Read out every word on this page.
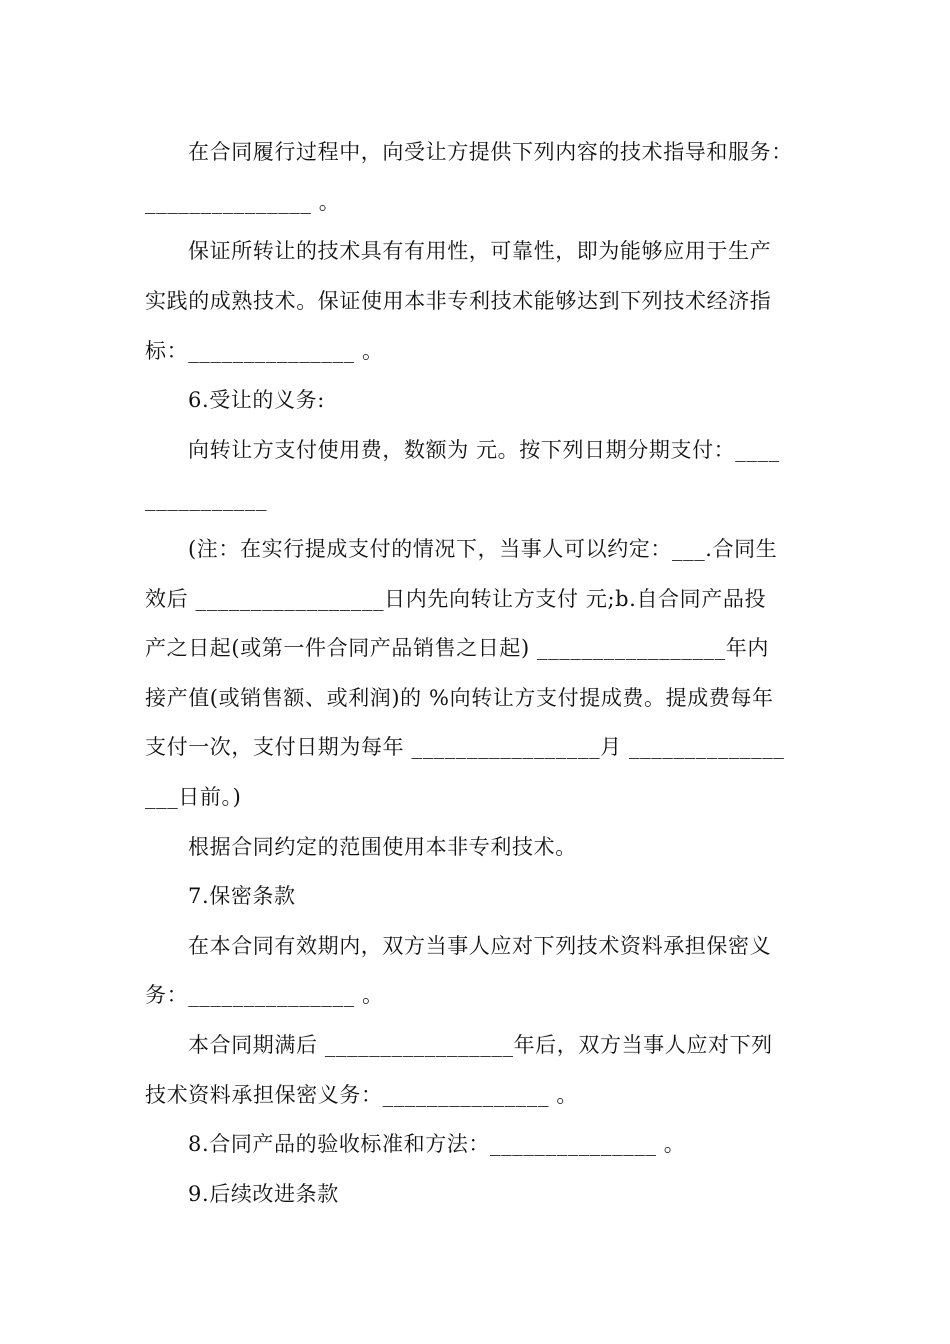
在合同履行过程中，向受让方提供下列内容的技术指导和服务：
_______________ 。
保证所转让的技术具有有用性，可靠性，即为能够应用于生产
实践的成熟技术。保证使用本非专利技术能够达到下列技术经济指
标：_______________ 。
6.受让的义务:
向转让方支付使用费，数额为 元。按下列日期分期支付：____
___________
(注：在实行提成支付的情况下，当事人可以约定：___.合同生
效后 _________________日内先向转让方支付 元;b.自合同产品投
产之日起(或第一件合同产品销售之日起) _________________年内
接产值(或销售额、或利润)的 %向转让方支付提成费。提成费每年
支付一次，支付日期为每年 _________________月 ______________
___日前。)
根据合同约定的范围使用本非专利技术。
7.保密条款
在本合同有效期内，双方当事人应对下列技术资料承担保密义
务：_______________ 。
本合同期满后 _________________年后，双方当事人应对下列
技术资料承担保密义务：_______________ 。
8.合同产品的验收标准和方法：_______________ 。
9.后续改进条款
